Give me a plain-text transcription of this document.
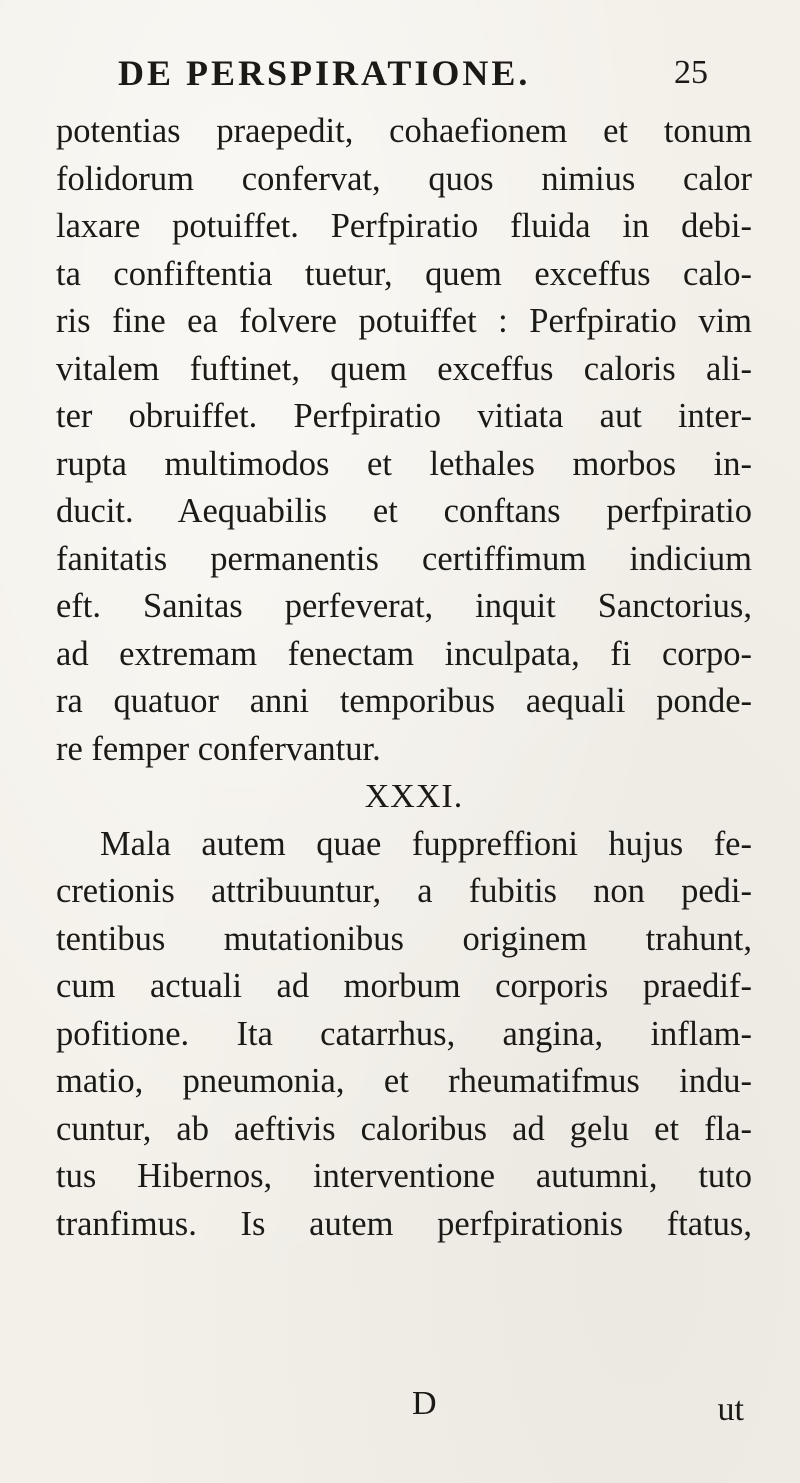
DE PERSPIRATIONE.	25
potentias praepedit, cohaefionem et tonum
folidorum confervat, quos nimius calor
laxare potuiffet. Perfpiratio fluida in debi-
ta confiftentia tuetur, quem exceffus calo-
ris fine ea folvere potuiffet : Perfpiratio vim
vitalem fuftinet, quem exceffus caloris ali-
ter obruiffet. Perfpiratio vitiata aut inter-
rupta multimodos et lethales morbos in-
ducit. Aequabilis et conftans perfpiratio
fanitatis permanentis certiffimum indicium
eft. Sanitas perfeverat, inquit Sanctorius,
ad extremam fenectam inculpata, fi corpo-
ra quatuor anni temporibus aequali ponde-
re femper confervantur.
XXXI.
Mala autem quae fuppreffioni hujus fe-
cretionis attribuuntur, a fubitis non pedi-
tentibus mutationibus originem trahunt,
cum actuali ad morbum corporis praedif-
pofitione. Ita catarrhus, angina, inflam-
matio, pneumonia, et rheumatifmus indu-
cuntur, ab aeftivis caloribus ad gelu et fla-
tus Hibernos, interventione autumni, tuto
tranfimus. Is autem perfpirationis ftatus,
D	ut
